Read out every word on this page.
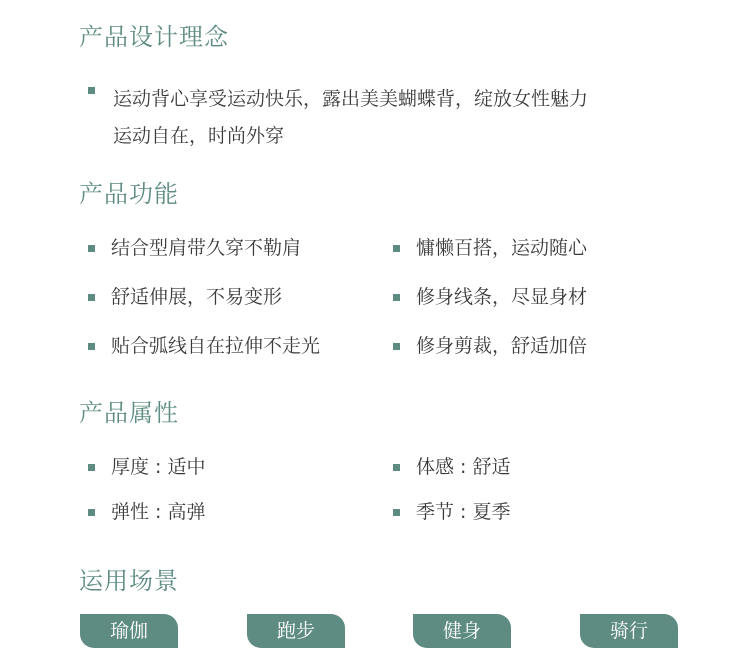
产品设计理念
运动背心享受运动快乐，露出美美蝴蝶背，绽放女性魅力
运动自在，时尚外穿
产品功能
结合型肩带久穿不勒肩	慵懒百搭，运动随心
舒适伸展，不易变形	修身线条，尽显身材
贴合弧线自在拉伸不走光	修身剪裁，舒适加倍
产品属性
厚度 : 适中	体感 : 舒适
弹性 : 高弹	季节 : 夏季
运用场景
瑜伽	跑步	健身	骑行
